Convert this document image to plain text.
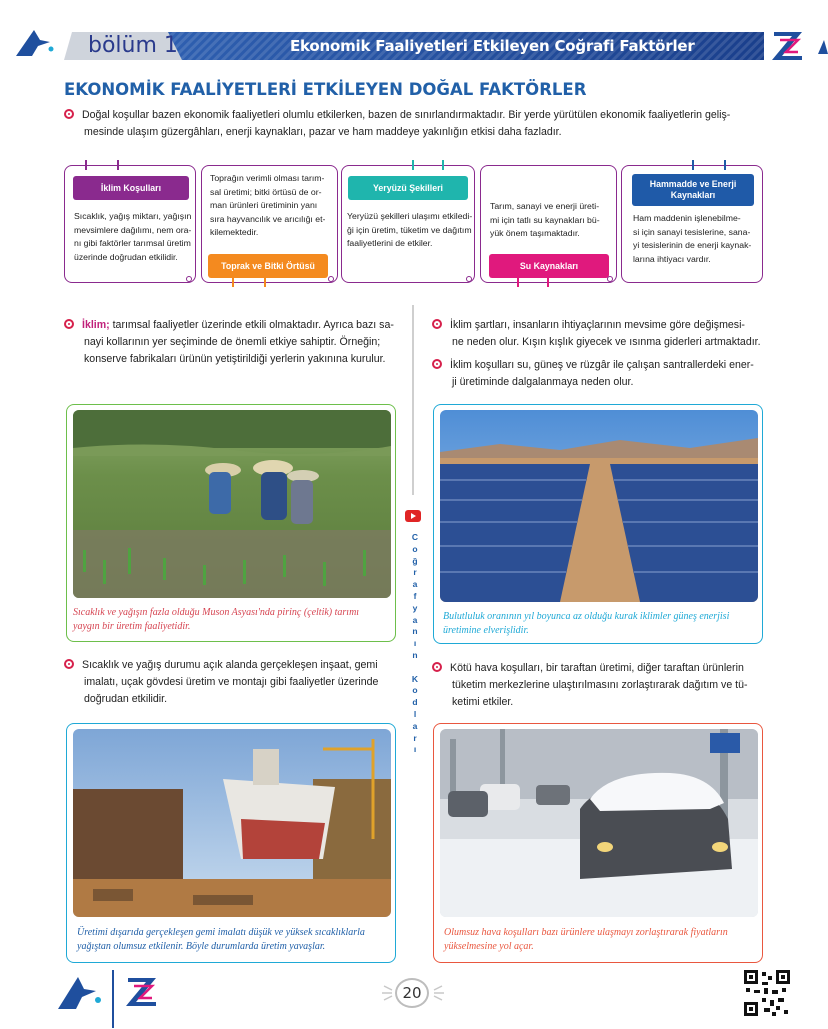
bölüm 1	Ekonomik Faaliyetleri Etkileyen Coğrafi Faktörler
EKONOMİK FAALİYETLERİ ETKİLEYEN DOĞAL FAKTÖRLER
Doğal koşullar bazen ekonomik faaliyetleri olumlu etkilerken, bazen de sınırlandırmaktadır. Bir yerde yürütülen ekonomik faaliyetlerin geliş-
mesinde ulaşım güzergâhları, enerji kaynakları, pazar ve ham maddeye yakınlığın etkisi daha fazladır.
İklim Koşulları
Sıcaklık, yağış miktarı, yağışın
mevsimlere dağılımı, nem ora-
nı gibi faktörler tarımsal üretim
üzerinde doğrudan etkilidir.
Toprağın verimli olması tarım-
sal üretimi; bitki örtüsü de or-
man ürünleri üretiminin yanı
sıra hayvancılık ve arıcılığı et-
kilemektedir.
Toprak ve Bitki Örtüsü
Yeryüzü Şekilleri
Yeryüzü şekilleri ulaşımı etkiledi-
ği için üretim, tüketim ve dağıtım
faaliyetlerini de etkiler.
Tarım, sanayi ve enerji üreti-
mi için tatlı su kaynakları bü-
yük önem taşımaktadır.
Su Kaynakları
Hammadde ve Enerji Kaynakları
Ham maddenin işlenebilme-
si için sanayi tesislerine, sana-
yi tesislerinin de enerji kaynak-
larına ihtiyacı vardır.
İklim; tarımsal faaliyetler üzerinde etkili olmaktadır. Ayrıca bazı sa-
nayi kollarının yer seçiminde de önemli etkiye sahiptir. Örneğin;
konserve fabrikaları ürünün yetiştirildiği yerlerin yakınına kurulur.
Sıcaklık ve yağışın fazla olduğu Muson Asyası'nda pirinç (çeltik) tarımı
yaygın bir üretim faaliyetidir.
Sıcaklık ve yağış durumu açık alanda gerçekleşen inşaat, gemi
imalatı, uçak gövdesi üretim ve montajı gibi faaliyetler üzerinde
doğrudan etkilidir.
Üretimi dışarıda gerçekleşen gemi imalatı düşük ve yüksek sıcaklıklarla
yağıştan olumsuz etkilenir. Böyle durumlarda üretim yavaşlar.
C
o
ğ
r
a
f
y
a
n
ı
n

K
o
d
l
a
r
ı
İklim şartları, insanların ihtiyaçlarının mevsime göre değişmesi-
ne neden olur. Kışın kışlık giyecek ve ısınma giderleri artmaktadır.
İklim koşulları su, güneş ve rüzgâr ile çalışan santrallerdeki ener-
ji üretiminde dalgalanmaya neden olur.
Bulutluluk oranının yıl boyunca az olduğu kurak iklimler güneş enerjisi
üretimine elverişlidir.
Kötü hava koşulları, bir taraftan üretimi, diğer taraftan ürünlerin
tüketim merkezlerine ulaştırılmasını zorlaştırarak dağıtım ve tü-
ketimi etkiler.
Olumsuz hava koşulları bazı ürünlere ulaşmayı zorlaştırarak fiyatların
yükselmesine yol açar.
20
